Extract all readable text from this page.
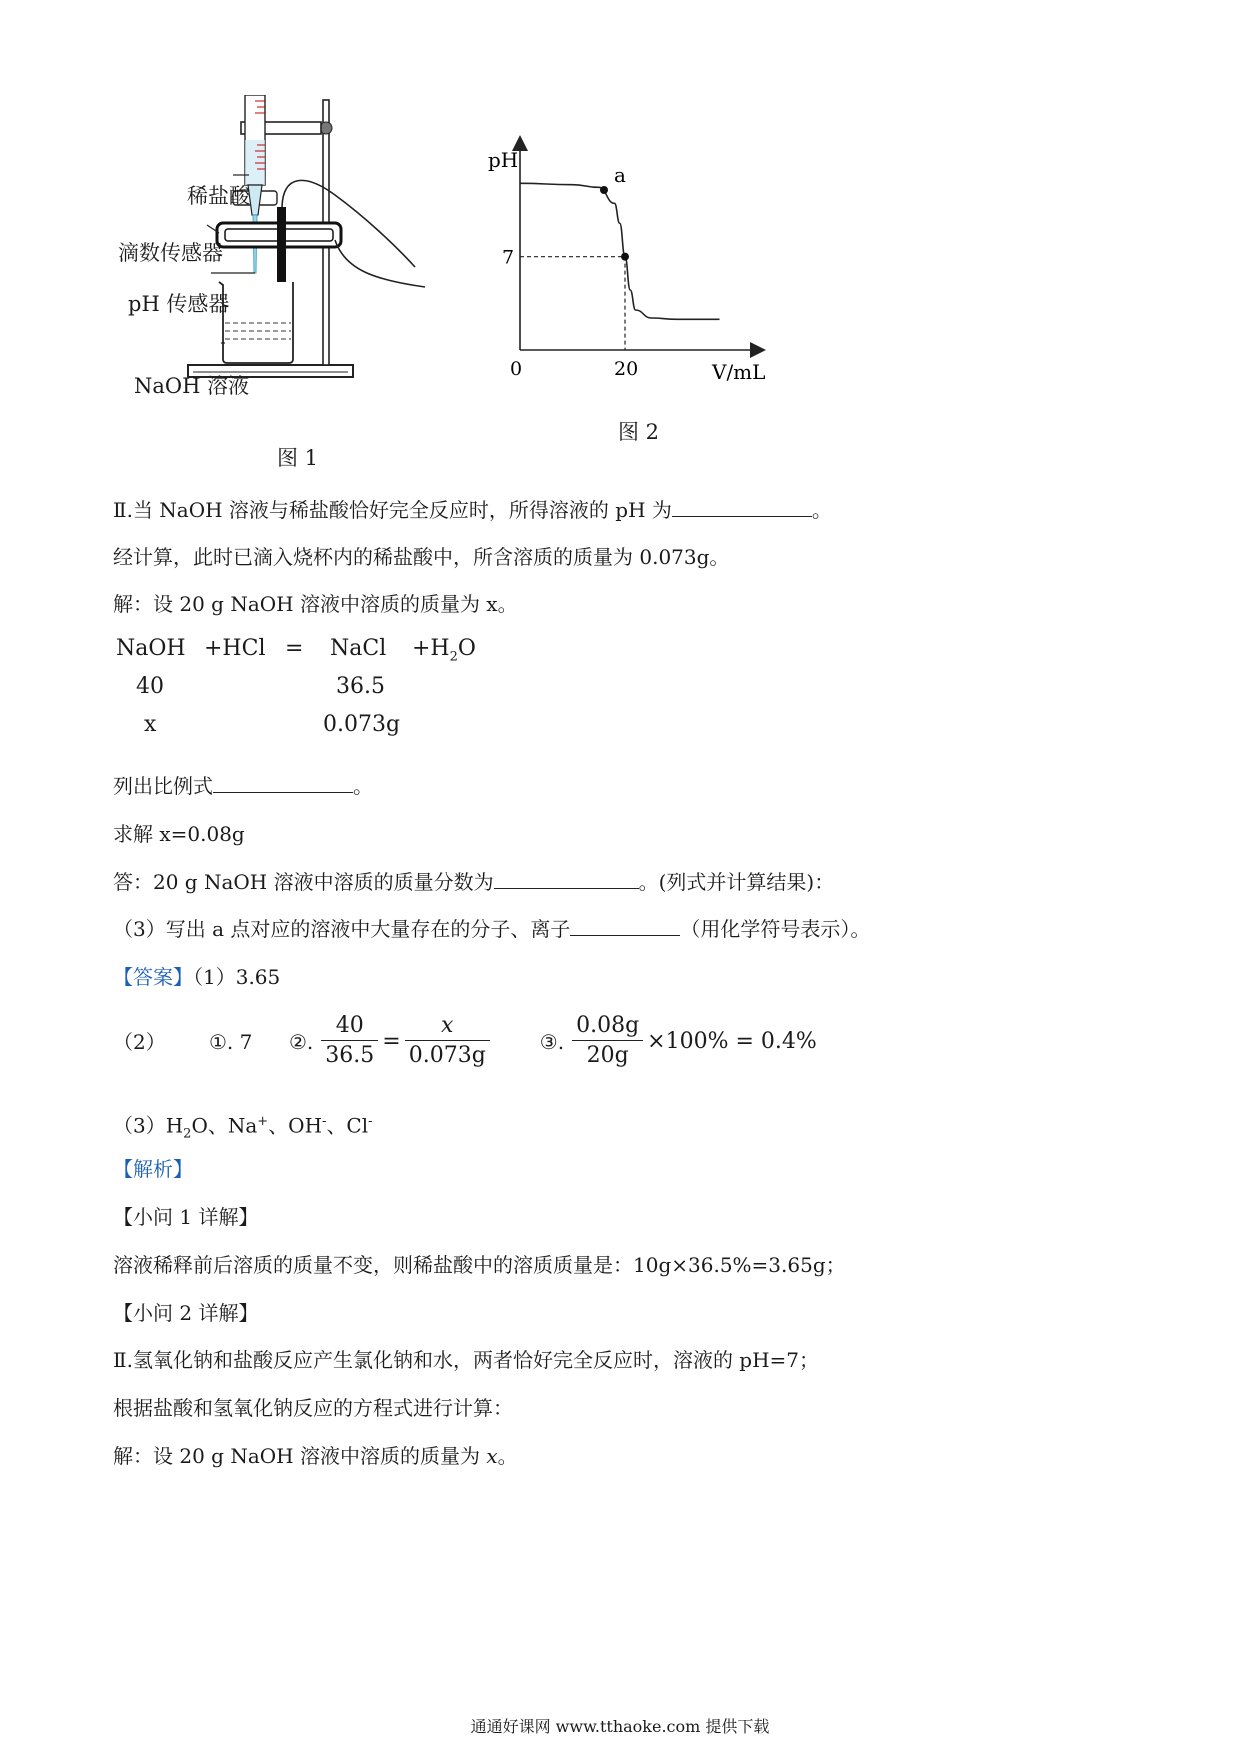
稀盐酸
滴数传感器
pH 传感器
NaOH 溶液
图 1
pH
V/mL
0
7
20
a
图 2
Ⅱ.当 NaOH 溶液与稀盐酸恰好完全反应时，所得溶液的 pH 为	。
经计算，此时已滴入烧杯内的稀盐酸中，所含溶质的质量为 0.073g。
解：设 20 g NaOH 溶液中溶质的质量为 x。
NaOH +HCl = NaCl $+H_2O$
40	36.5
x	0.073g
列出比例式	。
求解 x=0.08g
答：20 g NaOH 溶液中溶质的质量分数为	。(列式并计算结果)：
（3）写出 a 点对应的溶液中大量存在的分子、离子	（用化学符号表示）。
【答案】（1）3.65
（2）	①. 7	②. $\frac{40}{36.5} = \frac{x}{0.073g}$	③. $\frac{0.08g}{20g} \times 100\% = 0.4\%$
$(3)H_2O$、Na+、OH-、Cl-
【解析】
【小问 1 详解】
溶液稀释前后溶质的质量不变，则稀盐酸中的溶质质量是：10g×36.5%=3.65g；
【小问 2 详解】
Ⅱ.氢氧化钠和盐酸反应产生氯化钠和水，两者恰好完全反应时，溶液的 pH=7；
根据盐酸和氢氧化钠反应的方程式进行计算：
解：设 20 g NaOH 溶液中溶质的质量为 x。
通通好课网 www.tthaoke.com 提供下载
